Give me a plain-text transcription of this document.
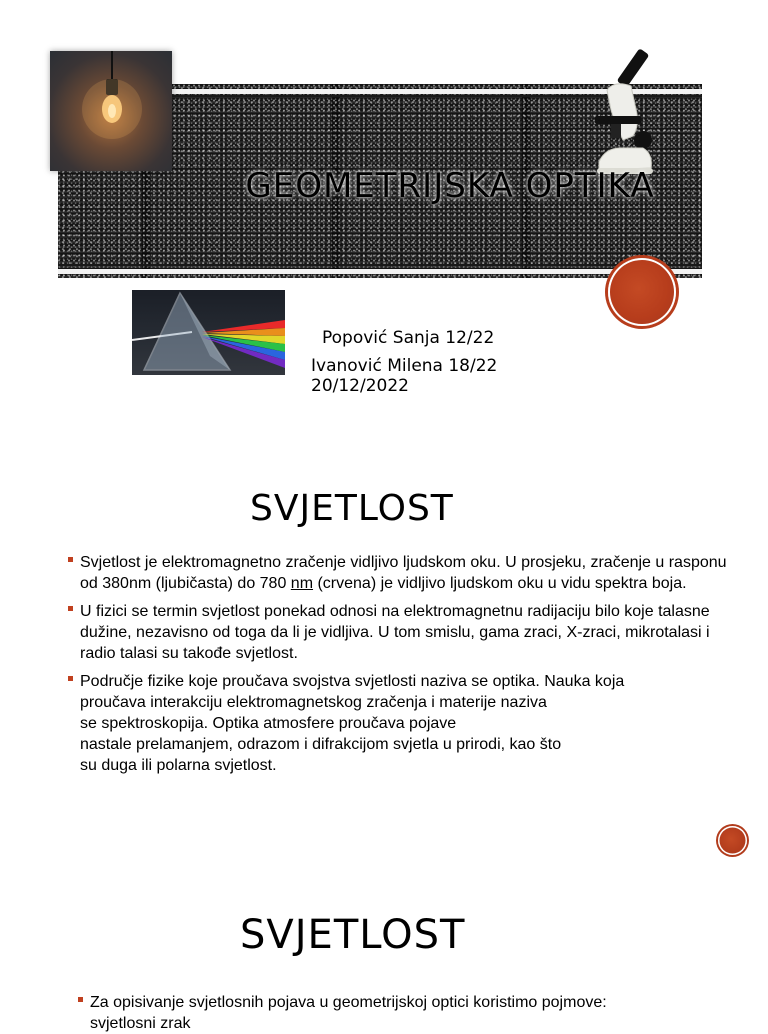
GEOMETRIJSKA OPTIKA
Popović Sanja 12/22
Ivanović Milena 18/22
20/12/2022
SVJETLOST
Svjetlost je elektromagnetno zračenje vidljivo ljudskom oku. U prosjeku, zračenje u rasponu od 380nm (ljubičasta) do 780 nm (crvena) je vidljivo ljudskom oku u vidu spektra boja.
U fizici se termin svjetlost ponekad odnosi na elektromagnetnu radijaciju bilo koje talasne dužine, nezavisno od toga da li je vidljiva. U tom smislu, gama zraci, X-zraci, mikrotalasi i radio talasi su takođe svjetlost.
Područje fizike koje proučava svojstva svjetlosti naziva se optika. Nauka koja
proučava interakciju elektromagnetskog zračenja i materije naziva
se spektroskopija. Optika atmosfere proučava pojave
nastale prelamanjem, odrazom i difrakcijom svjetla u prirodi, kao što
su duga ili polarna svjetlost.
SVJETLOST
Za opisivanje svjetlosnih pojava u geometrijskoj optici koristimo pojmove:
svjetlosni zrak
